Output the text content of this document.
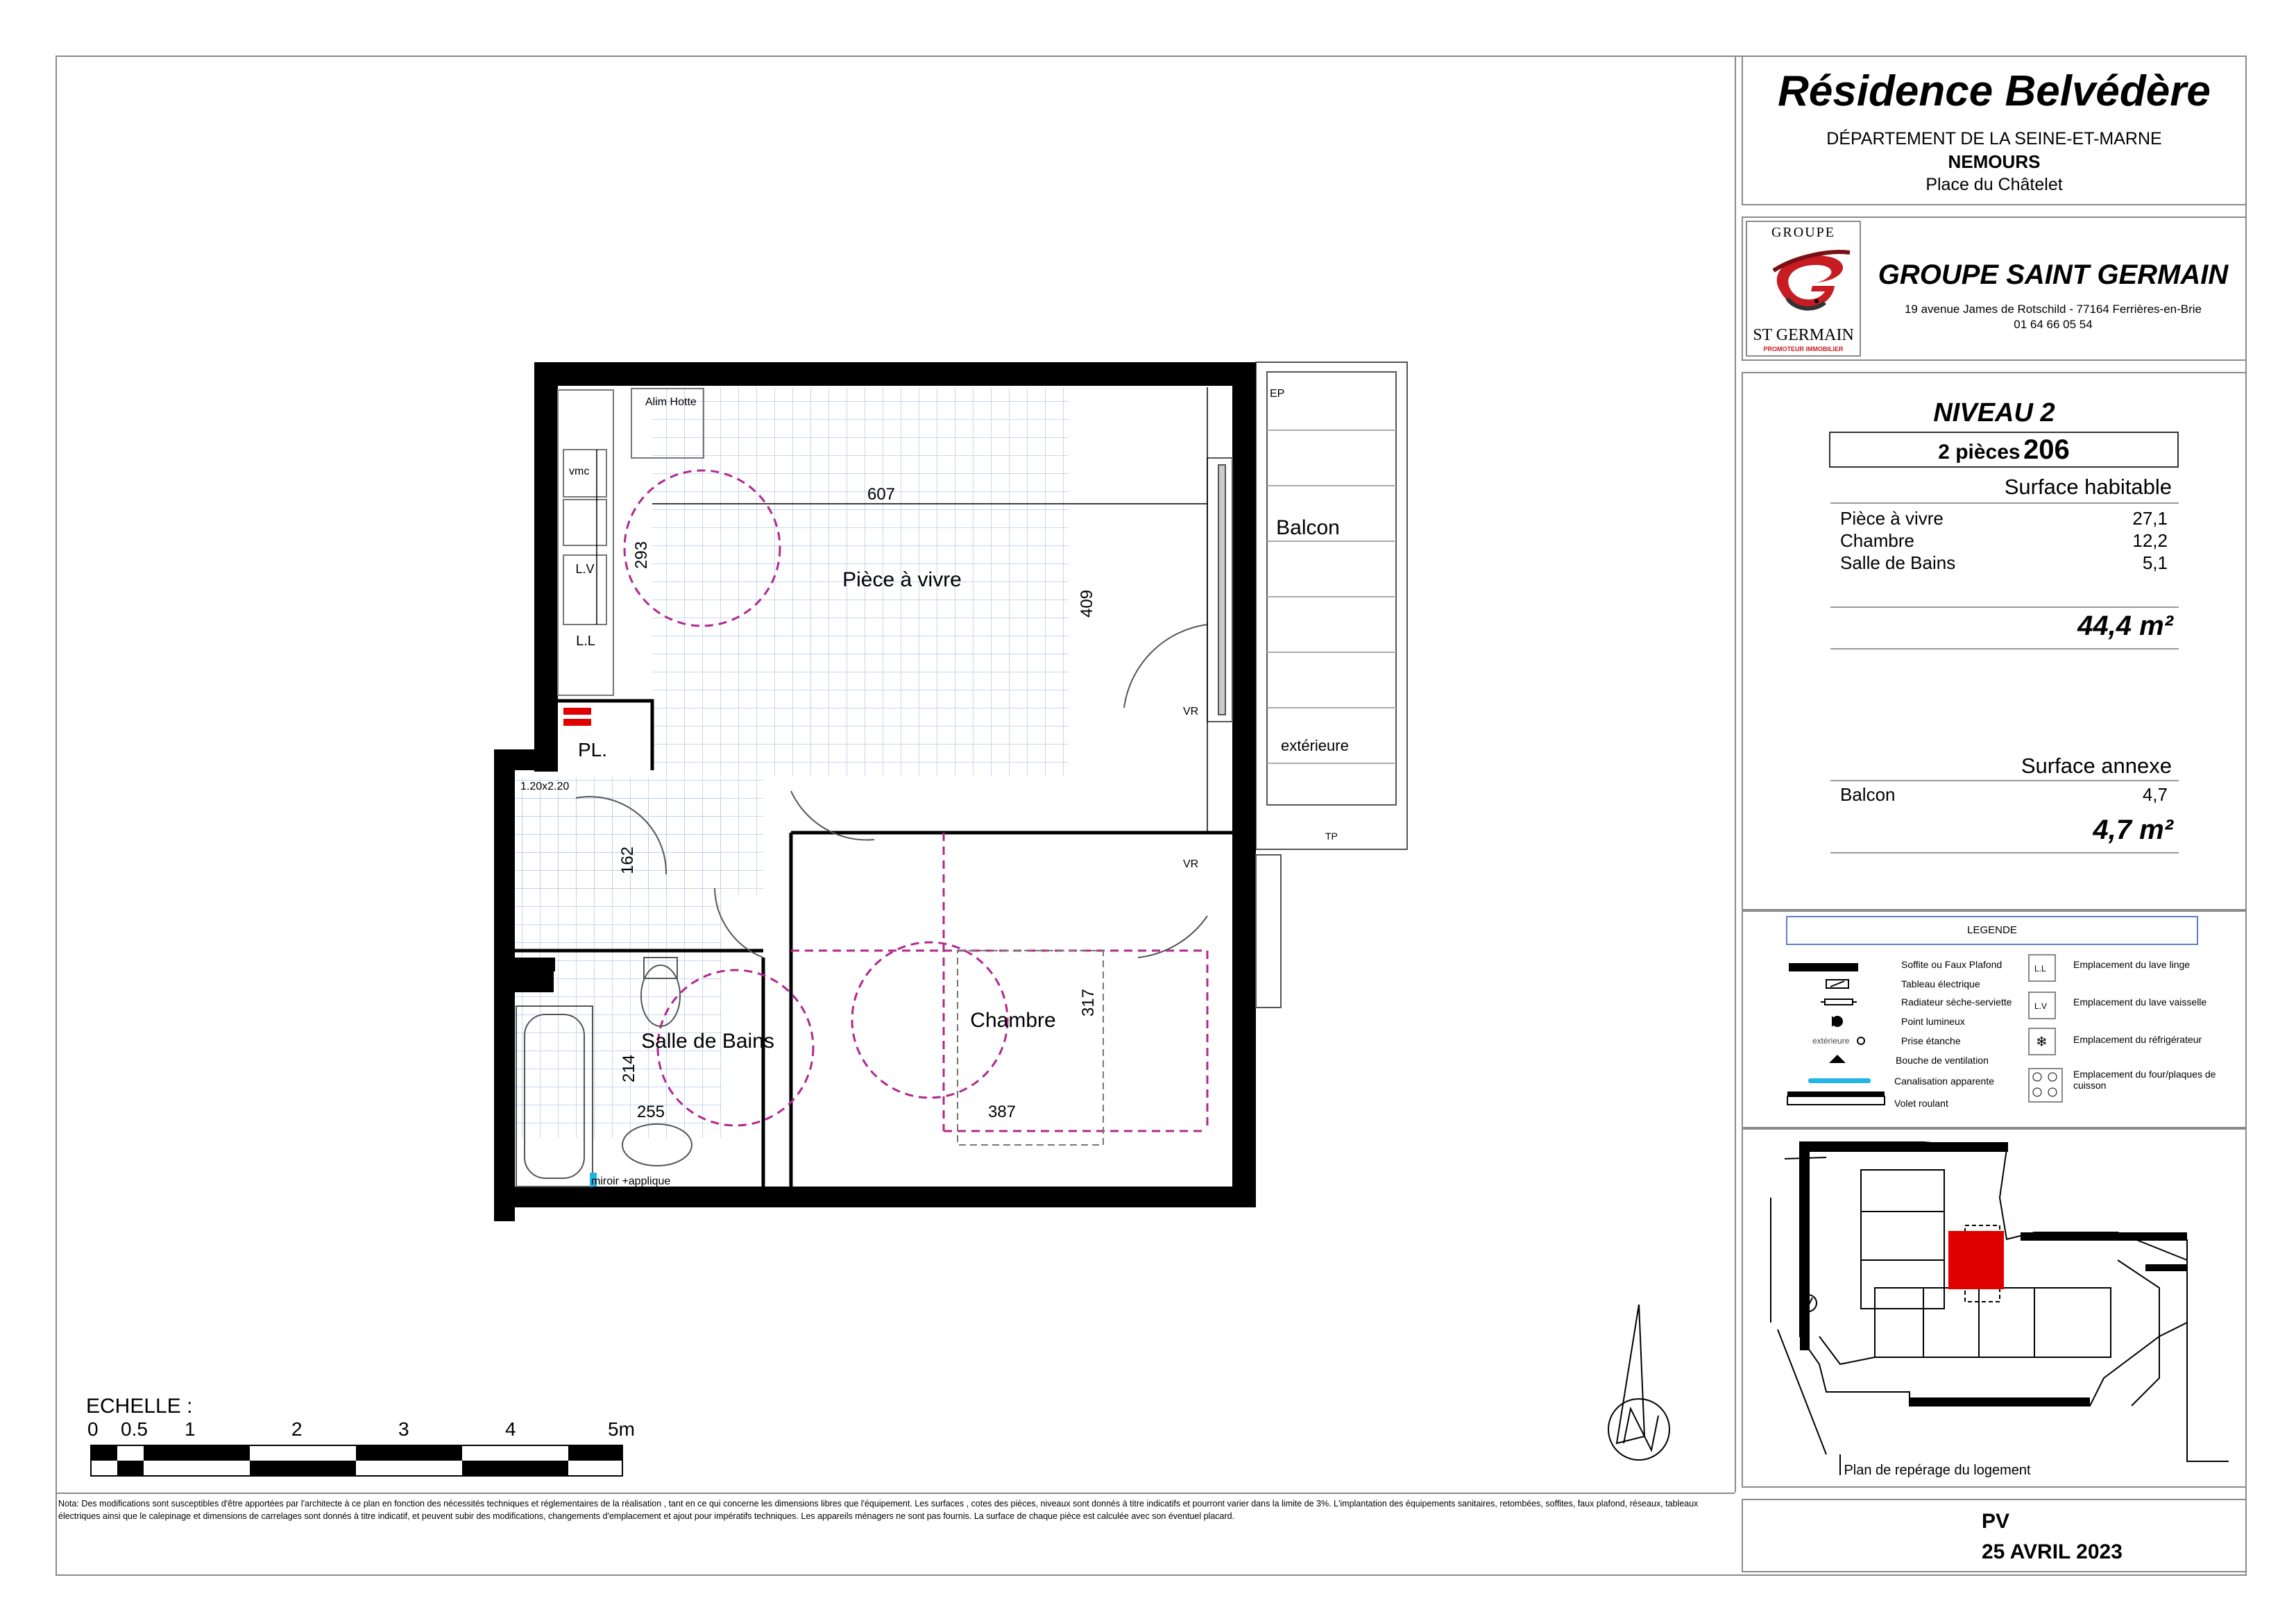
Résidence Belvédère
DÉPARTEMENT DE LA SEINE-ET-MARNE
NEMOURS
Place du Châtelet
GROUPE
ST GERMAIN
PROMOTEUR IMMOBILIER
GROUPE SAINT GERMAIN
19 avenue James de Rotschild - 77164 Ferrières-en-Brie
01 64 66 05 54
NIVEAU 2
2 pièces 206
Surface habitable
Pièce à vivre	27,1
Chambre	12,2
Salle de Bains	5,1
44,4 m²
Surface annexe
Balcon	4,7
4,7 m²
LEGENDE
extérieure
L.L
L.V
❄
Soffite ou Faux Plafond
Tableau électrique
Radiateur sèche-serviette
Point lumineux
Prise étanche
Bouche de ventilation
Canalisation apparente
Volet roulant
Emplacement du lave linge
Emplacement du lave vaisselle
Emplacement du réfrigérateur
Emplacement du four/plaques de cuisson
Plan de repérage du logement
PV
25 AVRIL 2023
Pièce à vivre
Balcon
Chambre
Salle de Bains
PL.
L.L
L.V
Alim Hotte
vmc
1.20x2.20
EP
TP
VR
VR
extérieure
miroir +applique
607
293
409
162
317
214
255	387
ECHELLE :
0 0.5 1	2	3	4	5m
Nota: Des modifications sont susceptibles d'être apportées par l'architecte à ce plan en fonction des nécessités techniques et réglementaires de la réalisation , tant en ce qui concerne les dimensions libres que l'équipement. Les surfaces , cotes des pièces, niveaux sont donnés à titre indicatifs et pourront varier dans la limite de 3%. L'implantation des équipements sanitaires, retombées, soffites, faux plafond, réseaux, tableaux électriques ainsi que le calepinage et dimensions de carrelages sont donnés à titre indicatif, et peuvent subir des modifications, changements d'emplacement et ajout pour impératifs techniques. Les appareils ménagers ne sont pas fournis. La surface de chaque pièce est calculée avec son éventuel placard.
